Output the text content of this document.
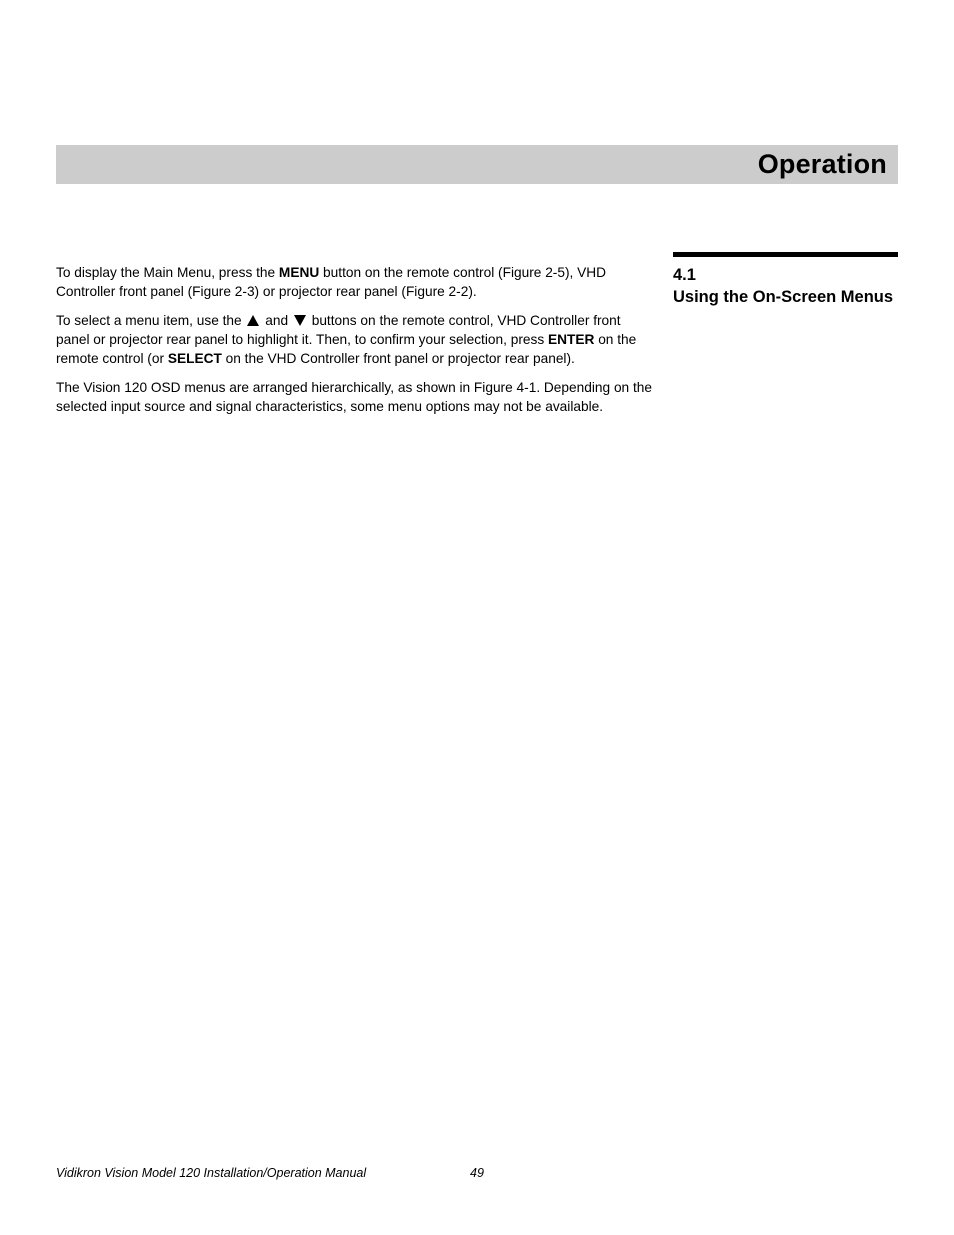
Operation
4.1
Using the On-Screen Menus

To display the Main Menu, press the MENU button on the remote control (Figure 2-5), VHD Controller front panel (Figure 2-3) or projector rear panel (Figure 2-2).

To select a menu item, use the  and  buttons on the remote control, VHD Controller front panel or projector rear panel to highlight it. Then, to confirm your selection, press ENTER on the remote control (or SELECT on the VHD Controller front panel or projector rear panel).

The Vision 120 OSD menus are arranged hierarchically, as shown in Figure 4-1. Depending on the selected input source and signal characteristics, some menu options may not be available.

Vidikron Vision Model 120 Installation/Operation Manual	49
